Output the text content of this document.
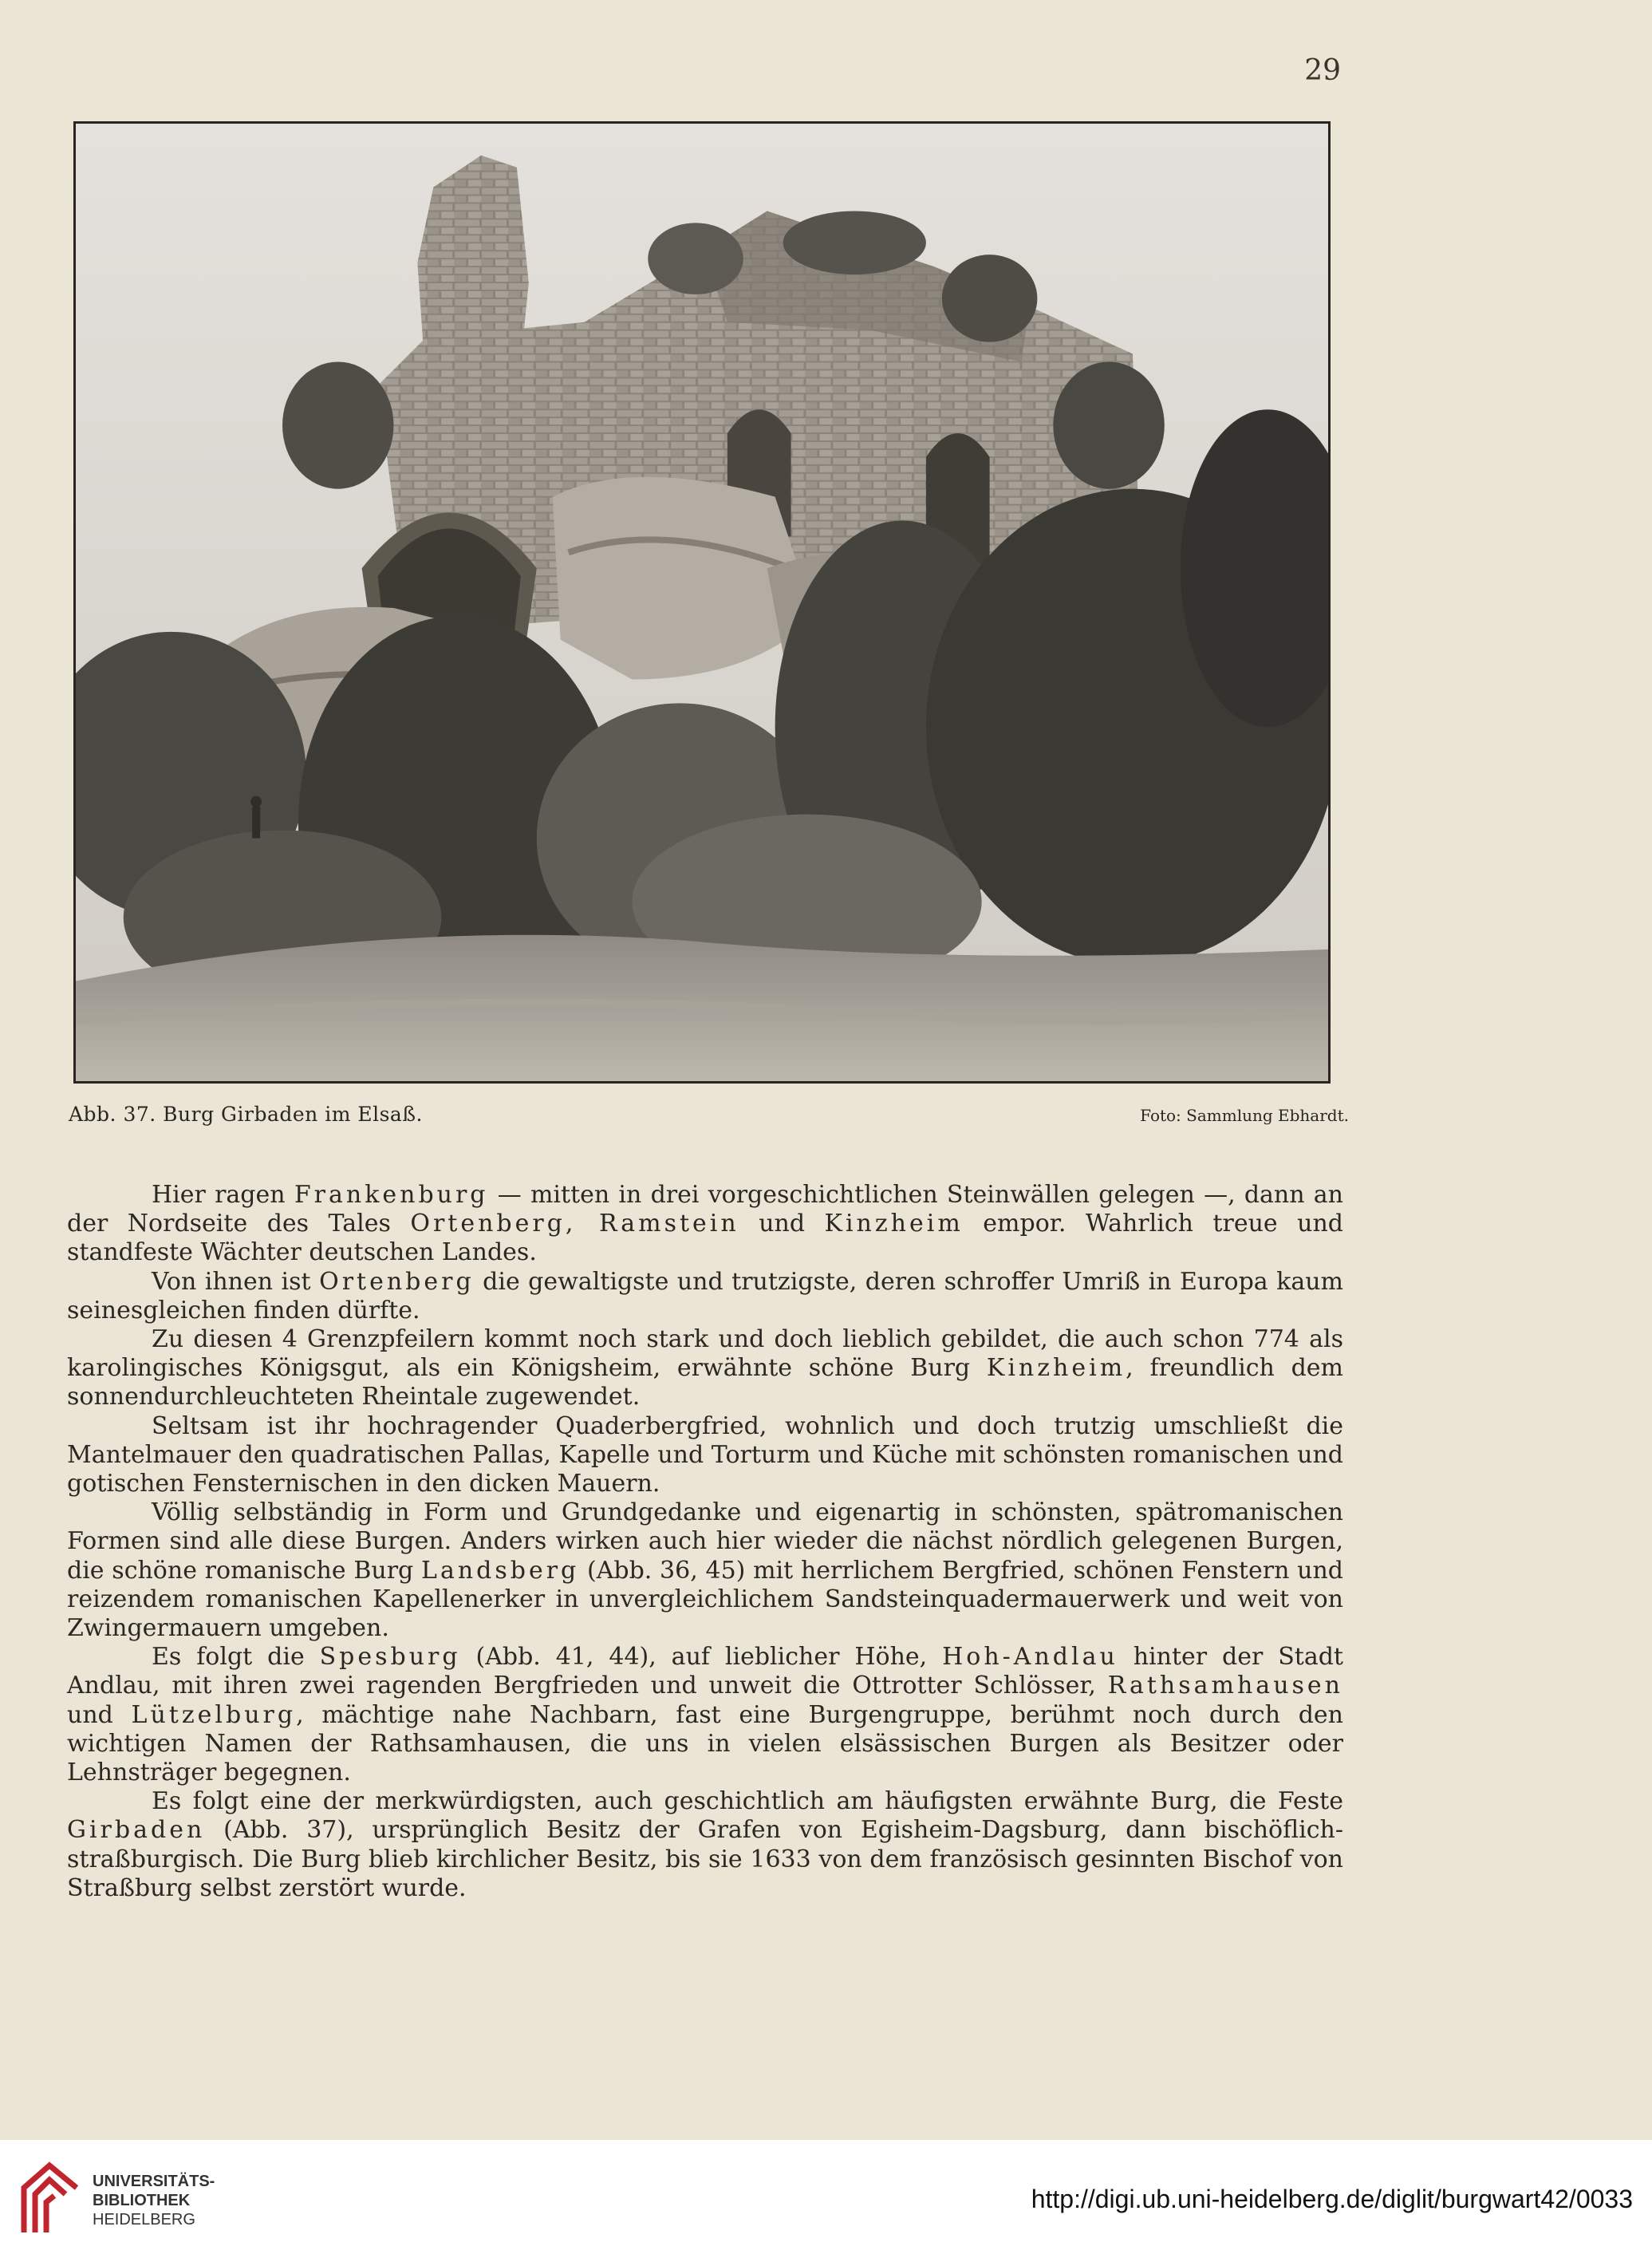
29
Abb. 37. Burg Girbaden im Elsaß.	Foto: Sammlung Ebhardt.

Hier ragen Frankenburg — mitten in drei vorgeschichtlichen Steinwällen gelegen —, dann an der Nordseite des Tales Ortenberg, Ramstein und Kinzheim empor. Wahrlich treue und standfeste Wächter deutschen Landes.

Von ihnen ist Ortenberg die gewaltigste und trutzigste, deren schroffer Umriß in Europa kaum seinesgleichen finden dürfte.

Zu diesen 4 Grenzpfeilern kommt noch stark und doch lieblich gebildet, die auch schon 774 als karolingisches Königsgut, als ein Königsheim, erwähnte schöne Burg Kinzheim, freundlich dem sonnendurchleuchteten Rheintale zugewendet.

Seltsam ist ihr hochragender Quaderbergfried, wohnlich und doch trutzig umschließt die Mantelmauer den quadratischen Pallas, Kapelle und Torturm und Küche mit schönsten romanischen und gotischen Fensternischen in den dicken Mauern.

Völlig selbständig in Form und Grundgedanke und eigenartig in schönsten, spätromanischen Formen sind alle diese Burgen. Anders wirken auch hier wieder die nächst nördlich gelegenen Burgen, die schöne romanische Burg Landsberg (Abb. 36, 45) mit herrlichem Bergfried, schönen Fenstern und reizendem romanischen Kapellenerker in unvergleichlichem Sandsteinquadermauerwerk und weit von Zwingermauern umgeben.

Es folgt die Spesburg (Abb. 41, 44), auf lieblicher Höhe, Hoh-Andlau hinter der Stadt Andlau, mit ihren zwei ragenden Bergfrieden und unweit die Ottrotter Schlösser, Rathsamhausen und Lützelburg, mächtige nahe Nachbarn, fast eine Burgengruppe, berühmt noch durch den wichtigen Namen der Rathsamhausen, die uns in vielen elsässischen Burgen als Besitzer oder Lehnsträger begegnen.

Es folgt eine der merkwürdigsten, auch geschichtlich am häufigsten erwähnte Burg, die Feste Girbaden (Abb. 37), ursprünglich Besitz der Grafen von Egisheim-Dagsburg, dann bischöflich-straßburgisch. Die Burg blieb kirchlicher Besitz, bis sie 1633 von dem französisch gesinnten Bischof von Straßburg selbst zerstört wurde.

UNIVERSITÄTS-
BIBLIOTHEK
HEIDELBERG
http://digi.ub.uni-heidelberg.de/diglit/burgwart42/0033
